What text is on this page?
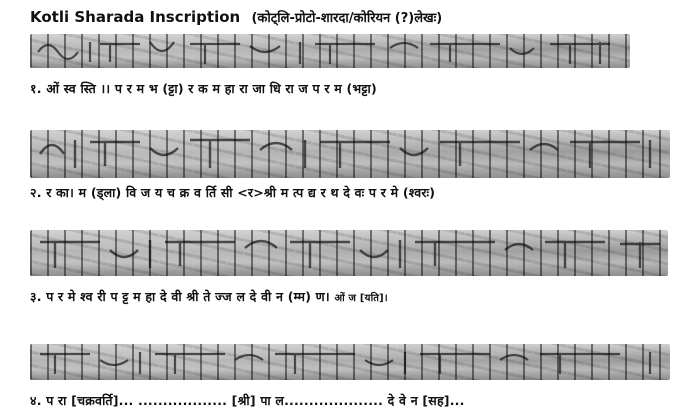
Kotli Sharada Inscription (कोट्लि-प्रोटो-शारदा/कोरियन (?)लेखः)
१. ओं स्व स्ति ।। प र म भ (ट्टा) र क म हा रा जा धि रा ज प र म (भट्टा)
२. र का। म (ड्ला) वि ज य च क्र व र्ति सी <र>श्री म त्प द्य र थ दे वः प र मे (श्वरः)
३. प र मे श्व री प ट्ट म हा दे वी श्री ते ज्ज ल दे वी न (म्म) ण। ओं ज [यति]।
४. प रा [चक्रवर्ति]... .................. [श्री] पा ल.................... दे वे न [सह]...
